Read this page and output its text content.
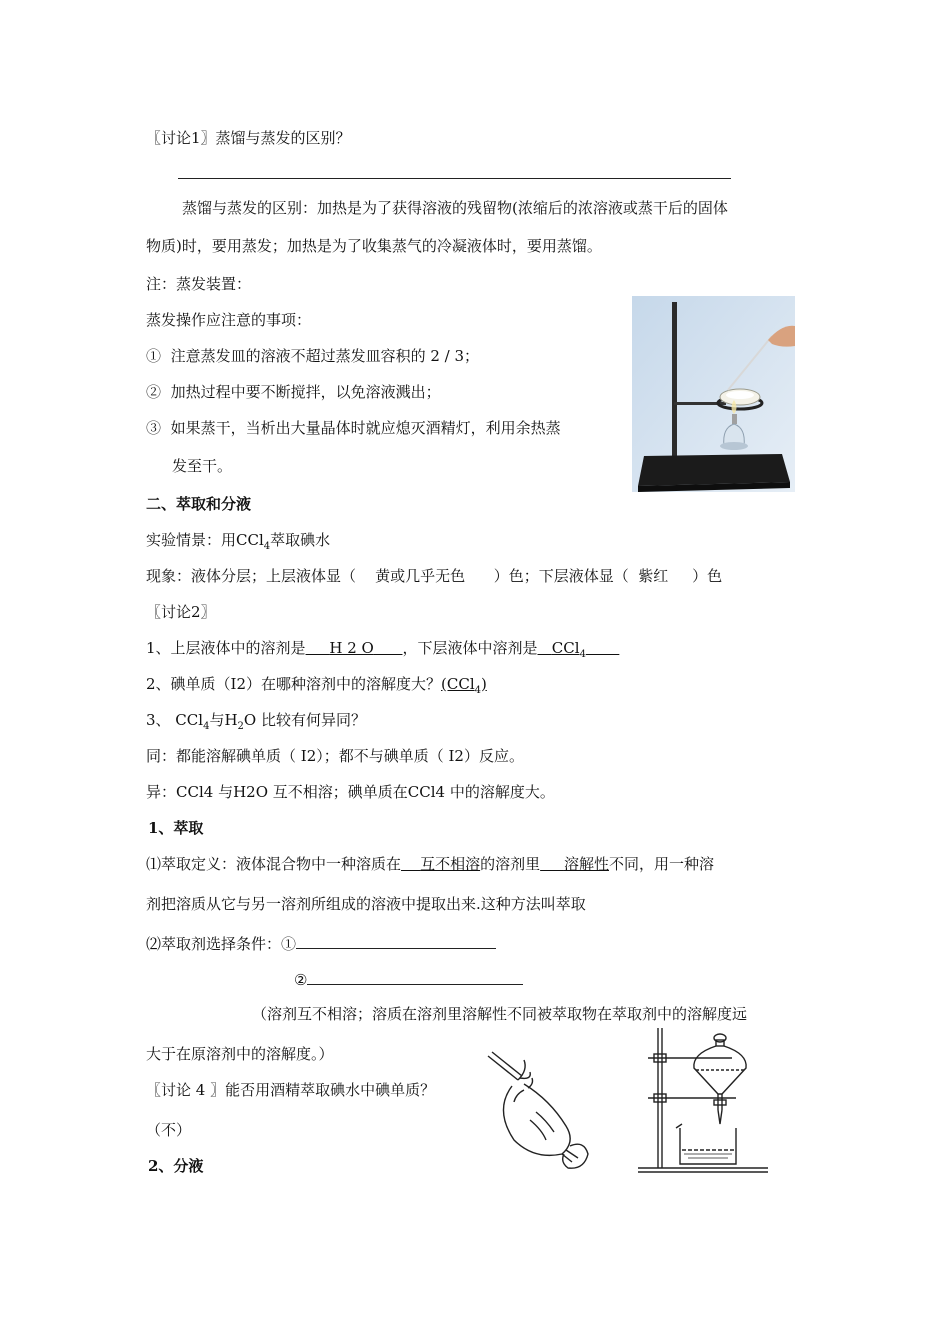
〖讨论1〗蒸馏与蒸发的区别？
蒸馏与蒸发的区别：加热是为了获得溶液的残留物(浓缩后的浓溶液或蒸干后的固体
物质)时，要用蒸发；加热是为了收集蒸气的冷凝液体时，要用蒸馏。
注：蒸发装置：
蒸发操作应注意的事项：
① 注意蒸发皿的溶液不超过蒸发皿容积的 2 / 3；
② 加热过程中要不断搅拌，以免溶液溅出；
③ 如果蒸干，当析出大量晶体时就应熄灭酒精灯，利用余热蒸
发至干。
二、萃取和分液
实验情景：用CCl$_4$萃取碘水
现象：液体分层；上层液体显（ 黄或几乎无色 ）色；下层液体显（ 紫红 ）色
〖讨论2〗
1、上层液体中的溶剂是 H 2 O ，下层液体中溶剂是 CCl$_4$
2、碘单质（I2）在哪种溶剂中的溶解度大？(CCl$_4$)
3、 CCl$_4$与$H_2O$ 比较有何异同？
同：都能溶解碘单质（ I2）；都不与碘单质（ I2）反应。
异：CCl4 与H2O 互不相溶；碘单质在CCl4 中的溶解度大。
1、萃取
⑴萃取定义：液体混合物中一种溶质在 互不相溶的溶剂里 溶解性不同，用一种溶
剂把溶质从它与另一溶剂所组成的溶液中提取出来.这种方法叫萃取
⑵萃取剂选择条件：①
②
（溶剂互不相溶；溶质在溶剂里溶解性不同被萃取物在萃取剂中的溶解度远
大于在原溶剂中的溶解度。）
〖讨论 4 〗能否用酒精萃取碘水中碘单质？
（不）
2、分液
